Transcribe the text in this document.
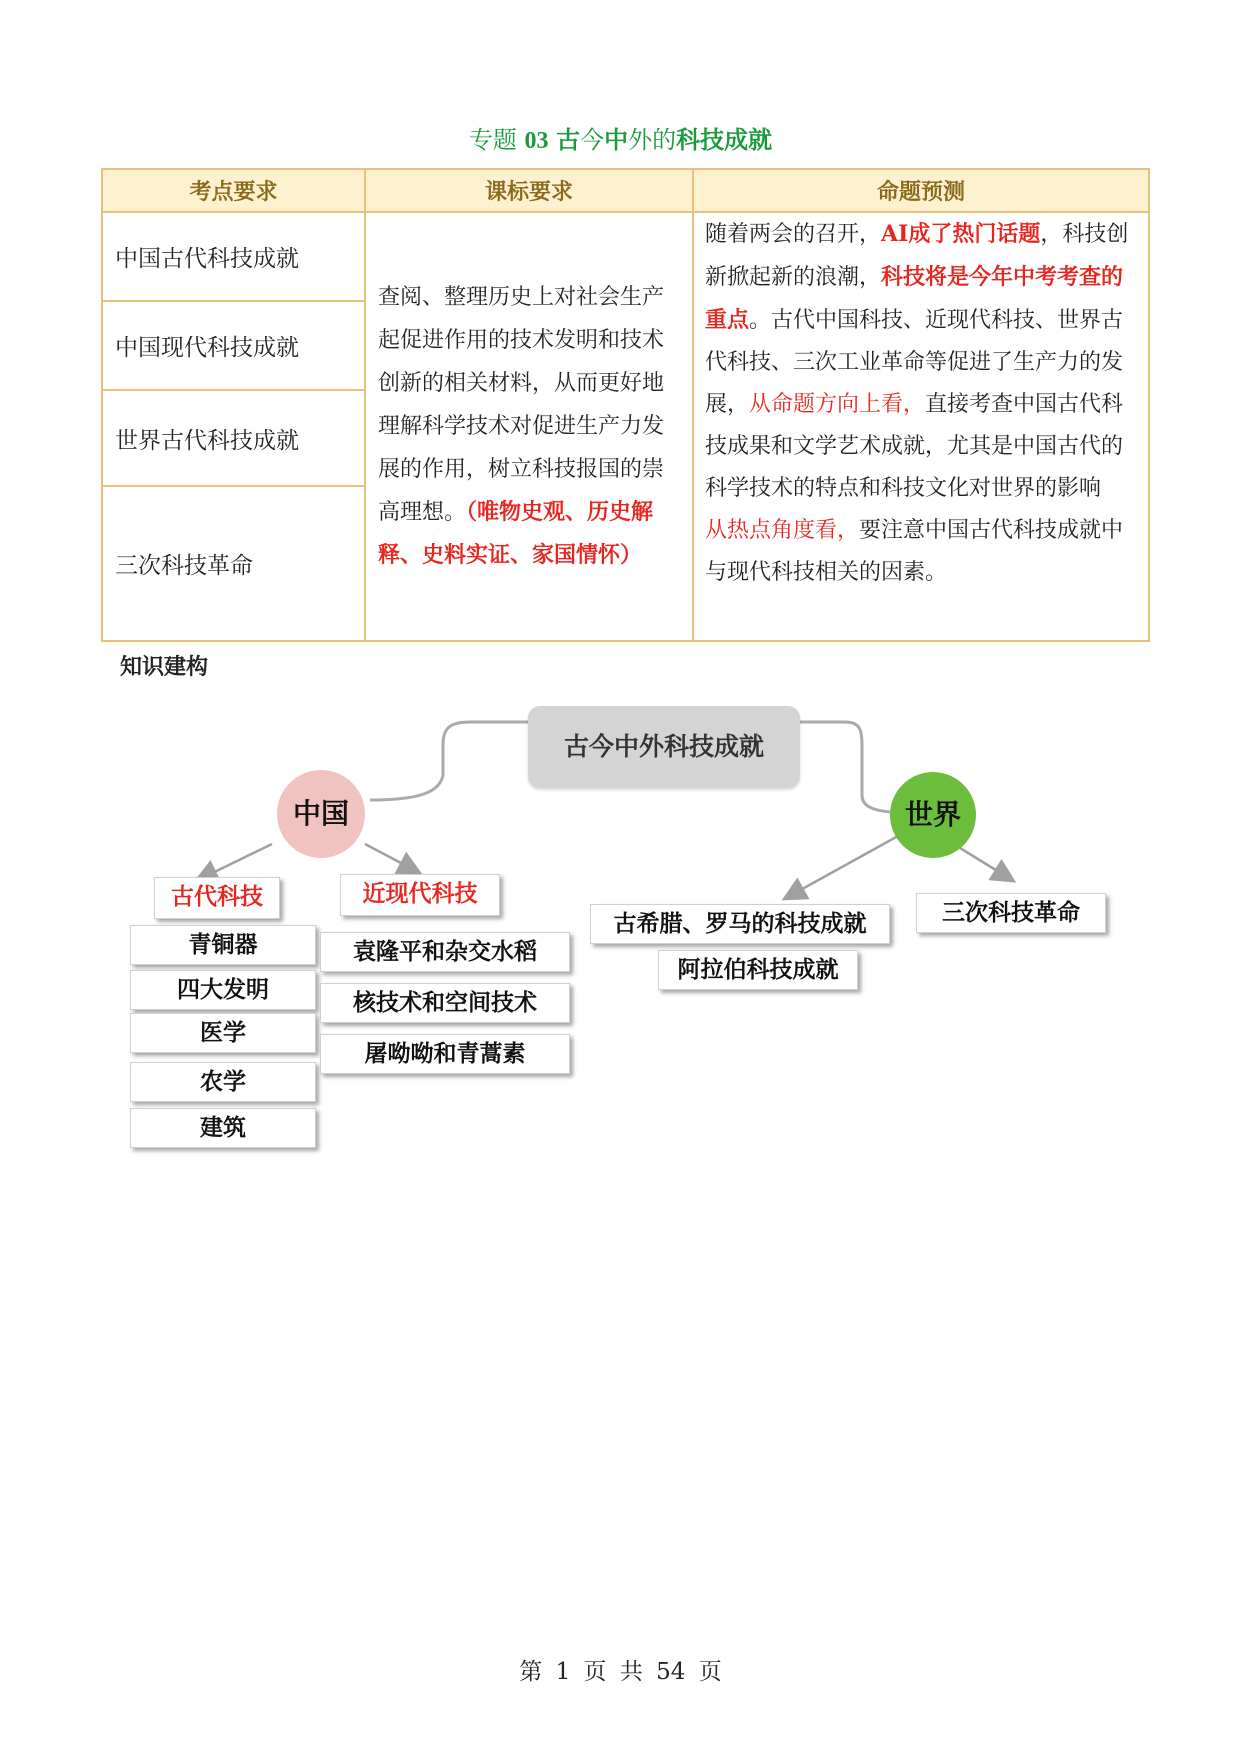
专题 03 古今中外的科技成就
考点要求	课标要求	命题预测
中国古代科技成就	查阅、整理历史上对社会生产起促进作用的技术发明和技术创新的相关材料，从而更好地理解科学技术对促进生产力发展的作用，树立科技报国的崇高理想。（唯物史观、历史解释、史料实证、家国情怀）	随着两会的召开，AI成了热门话题，科技创新掀起新的浪潮，科技将是今年中考考查的重点。古代中国科技、近现代科技、世界古代科技、三次工业革命等促进了生产力的发展，从命题方向上看，直接考查中国古代科技成果和文学艺术成就，尤其是中国古代的科学技术的特点和科技文化对世界的影响
从热点角度看，要注意中国古代科技成就中与现代科技相关的因素。
中国现代科技成就		
世界古代科技成就		
三次科技革命		
知识建构
古今中外科技成就
中国	世界
古代科技	近现代科技
青铜器
四大发明
医学
农学
建筑
袁隆平和杂交水稻
核技术和空间技术
屠呦呦和青蒿素
古希腊、罗马的科技成就
阿拉伯科技成就
三次科技革命
第 1 页 共 54 页
